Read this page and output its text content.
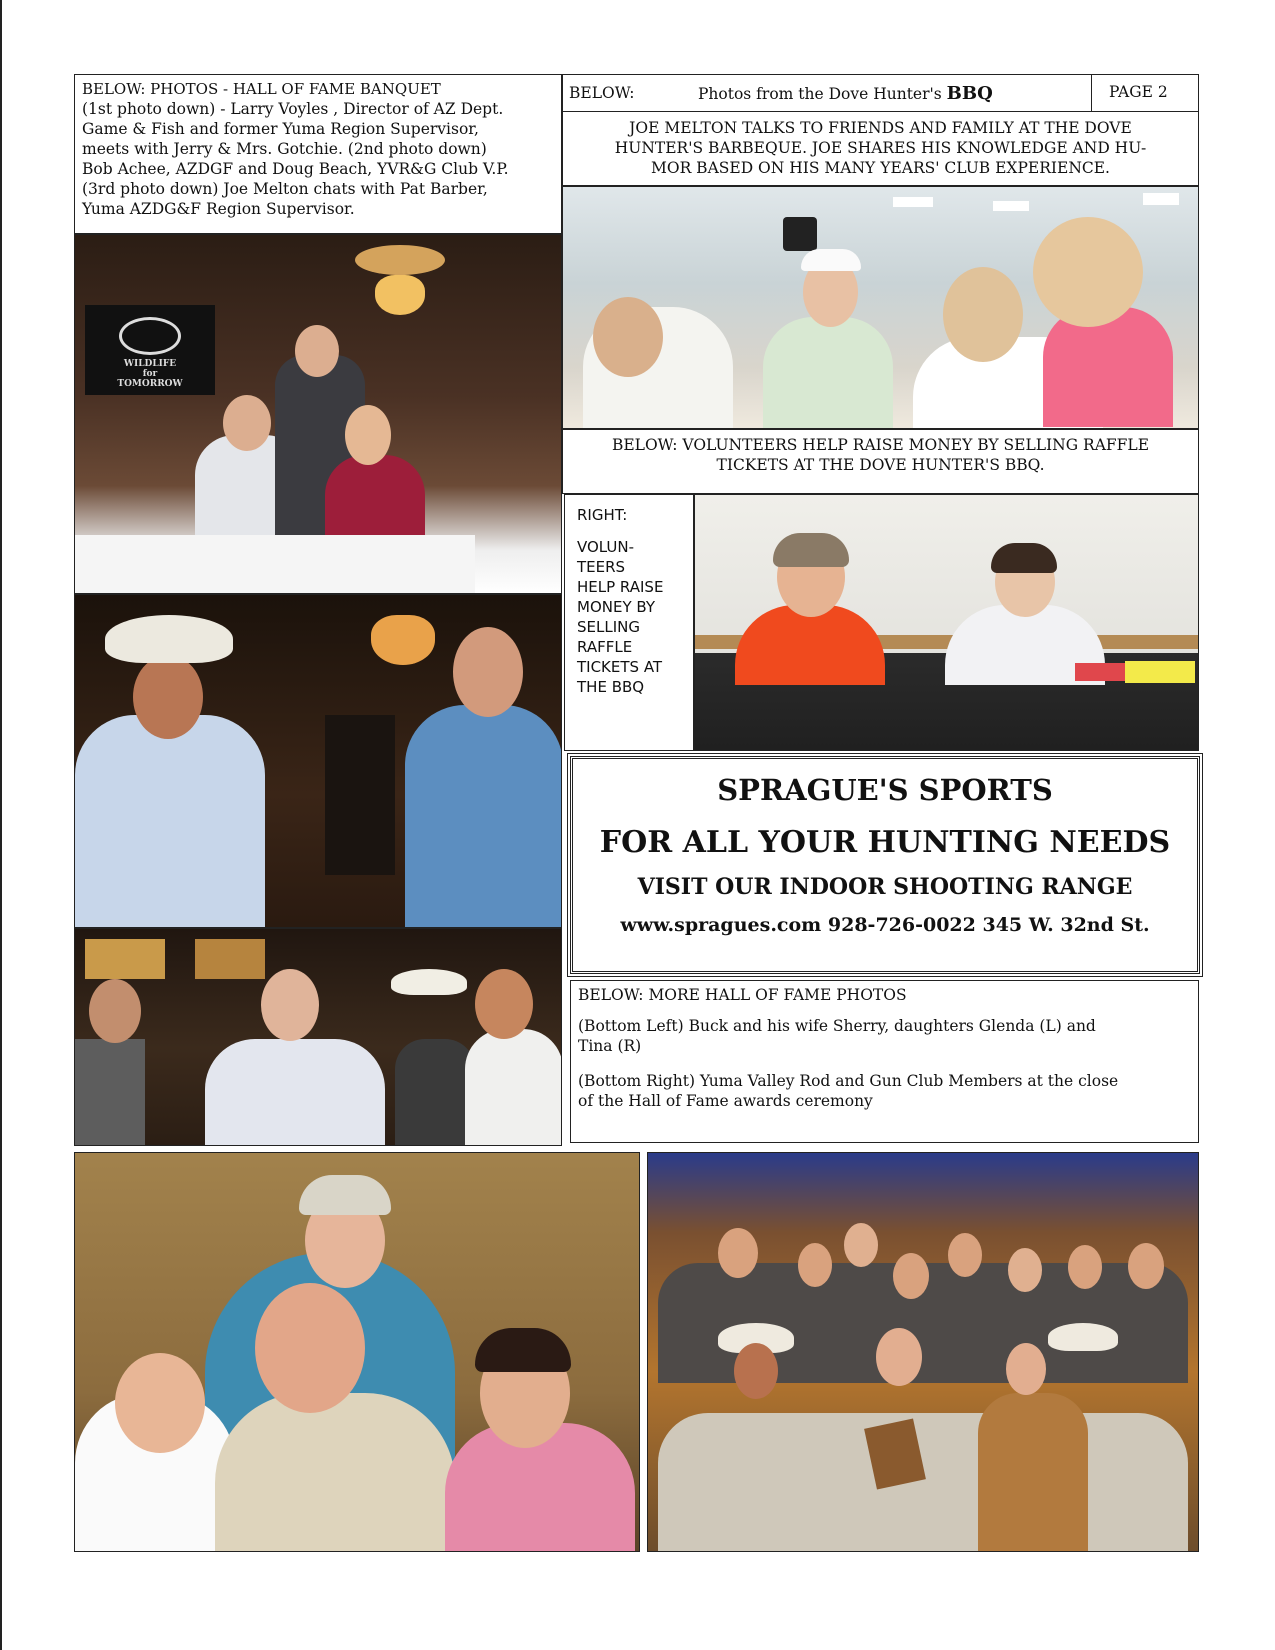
BELOW: PHOTOS - HALL OF FAME BANQUET
(1st photo down) - Larry Voyles , Director of AZ Dept.
Game & Fish and former Yuma Region Supervisor,
meets with Jerry & Mrs. Gotchie. (2nd photo down)
Bob Achee, AZDGF and Doug Beach, YVR&G Club V.P.
(3rd photo down) Joe Melton chats with Pat Barber,
Yuma AZDG&F Region Supervisor.
BELOW:	Photos from the Dove Hunter's BBQ	PAGE 2
JOE MELTON TALKS TO FRIENDS AND FAMILY AT THE DOVE
HUNTER'S BARBEQUE. JOE SHARES HIS KNOWLEDGE AND HU-
MOR BASED ON HIS MANY YEARS' CLUB EXPERIENCE.
BELOW: VOLUNTEERS HELP RAISE MONEY BY SELLING RAFFLE
TICKETS AT THE DOVE HUNTER'S BBQ.
RIGHT:
VOLUN-
TEERS
HELP RAISE
MONEY BY
SELLING
RAFFLE
TICKETS AT
THE BBQ
SPRAGUE'S SPORTS
FOR ALL YOUR HUNTING NEEDS
VISIT OUR INDOOR SHOOTING RANGE
www.spragues.com 928-726-0022 345 W. 32nd St.
BELOW: MORE HALL OF FAME PHOTOS
(Bottom Left) Buck and his wife Sherry, daughters Glenda (L) and
Tina (R)
(Bottom Right) Yuma Valley Rod and Gun Club Members at the close
of the Hall of Fame awards ceremony
WILDLIFE
for
TOMORROW
